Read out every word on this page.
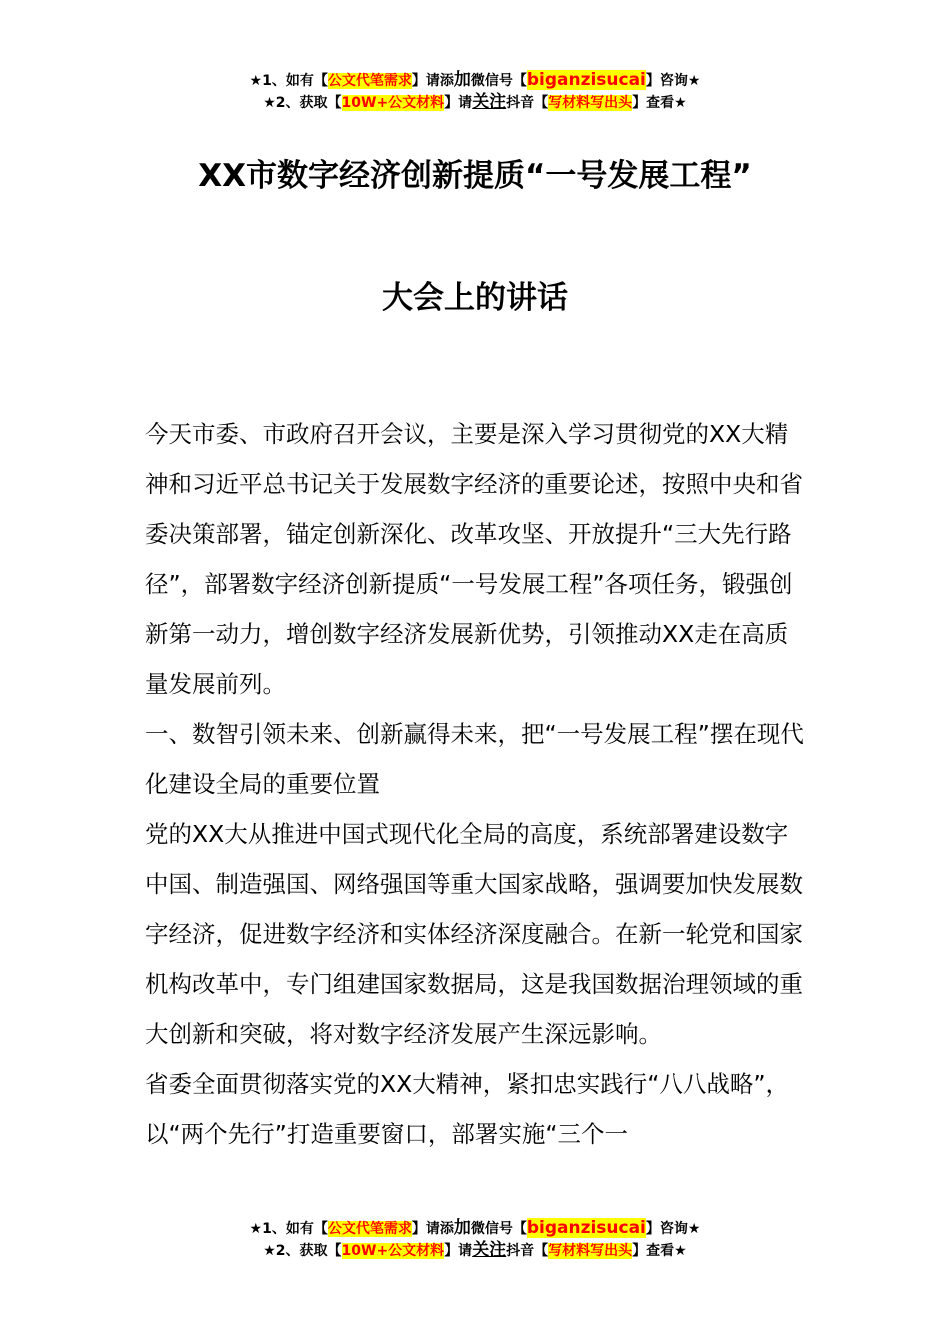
★1、如有【公文代笔需求】请添加微信号【biganzisucai】咨询★
★2、获取【10W+公文材料】请关注抖音【写材料写出头】查看★
XX市数字经济创新提质“一号发展工程”
大会上的讲话

今天市委、市政府召开会议，主要是深入学习贯彻党的XX大精神和习近平总书记关于发展数字经济的重要论述，按照中央和省委决策部署，锚定创新深化、改革攻坚、开放提升“三大先行路径”，部署数字经济创新提质“一号发展工程”各项任务，锻强创新第一动力，增创数字经济发展新优势，引领推动XX走在高质量发展前列。

一、数智引领未来、创新赢得未来，把“一号发展工程”摆在现代化建设全局的重要位置

党的XX大从推进中国式现代化全局的高度，系统部署建设数字中国、制造强国、网络强国等重大国家战略，强调要加快发展数字经济，促进数字经济和实体经济深度融合。在新一轮党和国家机构改革中，专门组建国家数据局，这是我国数据治理领域的重大创新和突破，将对数字经济发展产生深远影响。

省委全面贯彻落实党的XX大精神，紧扣忠实践行“八八战略”，以“两个先行”打造重要窗口，部署实施“三个一

★1、如有【公文代笔需求】请添加微信号【biganzisucai】咨询★
★2、获取【10W+公文材料】请关注抖音【写材料写出头】查看★
